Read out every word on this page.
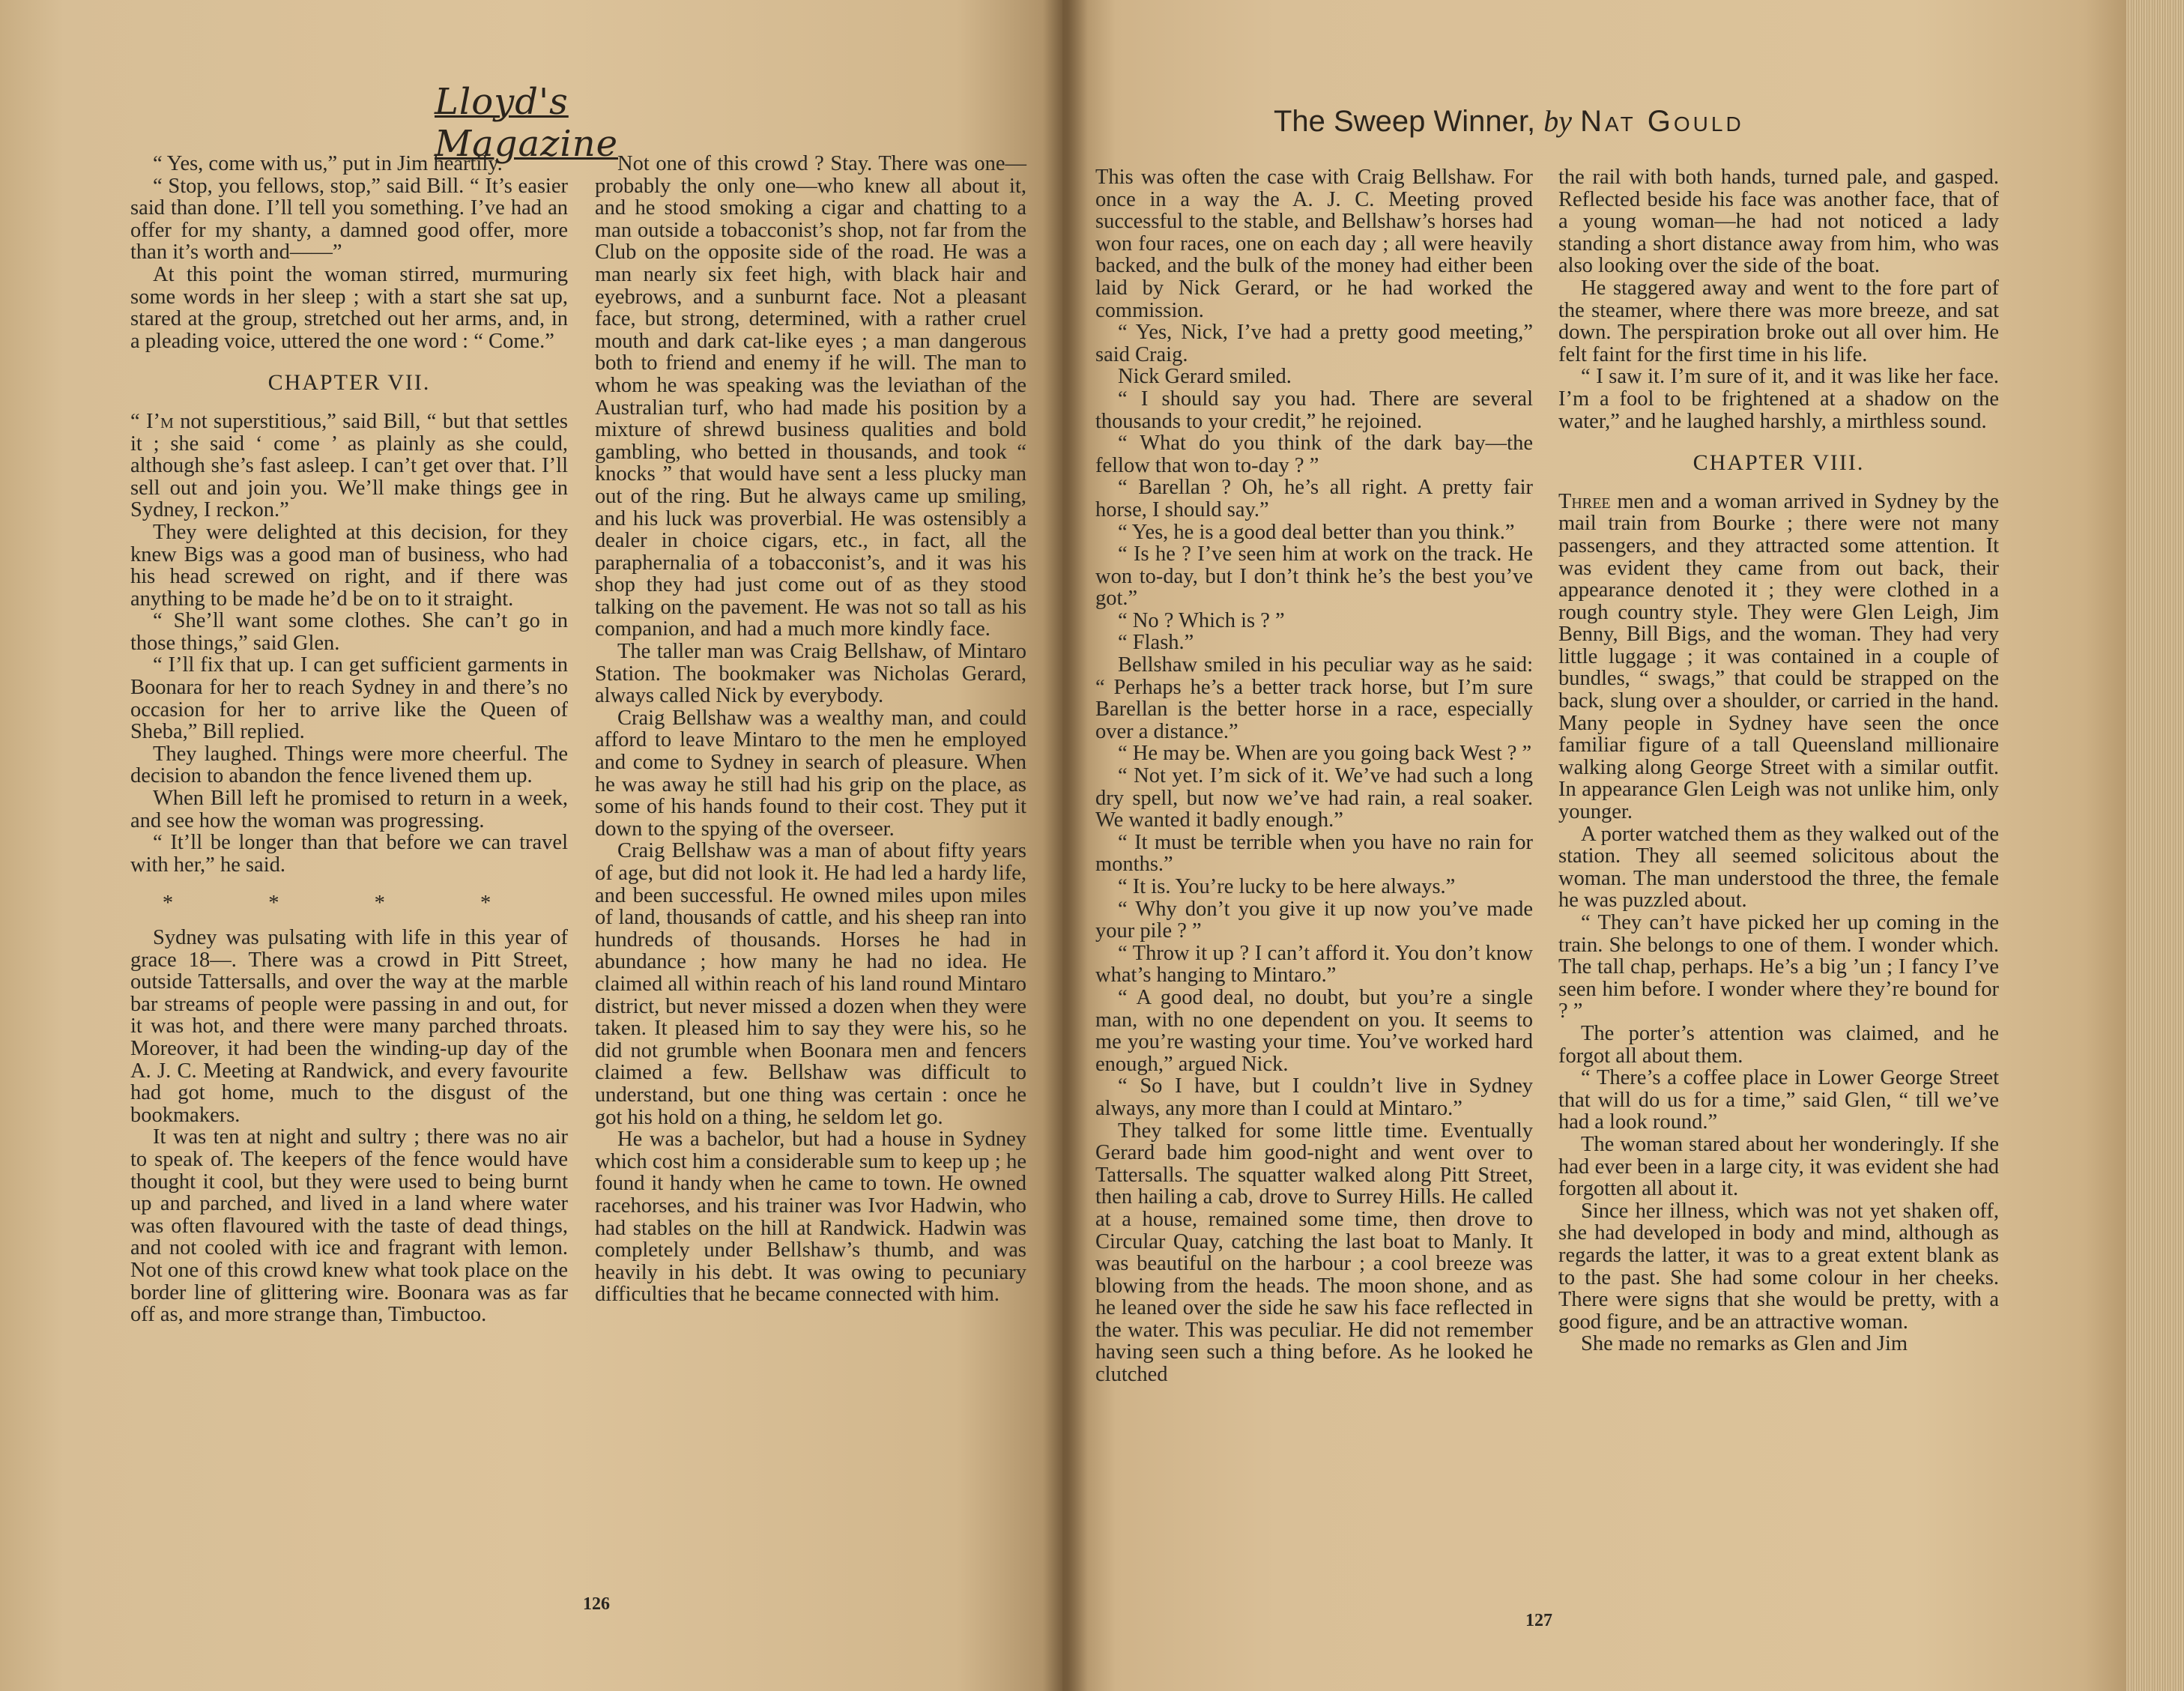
Lloyd's Magazine
The Sweep Winner, by Nat Gould

“ Yes, come with us,” put in Jim heartily.

“ Stop, you fellows, stop,” said Bill. “ It’s easier said than done. I’ll tell you something. I’ve had an offer for my shanty, a damned good offer, more than it’s worth and——”

At this point the woman stirred, murmuring some words in her sleep ; with a start she sat up, stared at the group, stretched out her arms, and, in a pleading voice, uttered the one word : “ Come.”

CHAPTER VII.

“ I’m not superstitious,” said Bill, “ but that settles it ; she said ‘ come ’ as plainly as she could, although she’s fast asleep. I can’t get over that. I’ll sell out and join you. We’ll make things gee in Sydney, I reckon.”

They were delighted at this decision, for they knew Bigs was a good man of business, who had his head screwed on right, and if there was anything to be made he’d be on to it straight.

“ She’ll want some clothes. She can’t go in those things,” said Glen.

“ I’ll fix that up. I can get sufficient garments in Boonara for her to reach Sydney in and there’s no occasion for her to arrive like the Queen of Sheba,” Bill replied.

They laughed. Things were more cheerful. The decision to abandon the fence livened them up.

When Bill left he promised to return in a week, and see how the woman was progressing.

“ It’ll be longer than that before we can travel with her,” he said.

* * * *

Sydney was pulsating with life in this year of grace 18—. There was a crowd in Pitt Street, outside Tattersalls, and over the way at the marble bar streams of people were passing in and out, for it was hot, and there were many parched throats. Moreover, it had been the winding-up day of the A. J. C. Meeting at Randwick, and every favourite had got home, much to the disgust of the bookmakers.

It was ten at night and sultry ; there was no air to speak of. The keepers of the fence would have thought it cool, but they were used to being burnt up and parched, and lived in a land where water was often flavoured with the taste of dead things, and not cooled with ice and fragrant with lemon. Not one of this crowd knew what took place on the border line of glittering wire. Boonara was as far off as, and more strange than, Timbuctoo.

Not one of this crowd ? Stay. There was one—probably the only one—who knew all about it, and he stood smoking a cigar and chatting to a man outside a tobacconist’s shop, not far from the Club on the opposite side of the road. He was a man nearly six feet high, with black hair and eyebrows, and a sunburnt face. Not a pleasant face, but strong, determined, with a rather cruel mouth and dark cat-like eyes ; a man dangerous both to friend and enemy if he will. The man to whom he was speaking was the leviathan of the Australian turf, who had made his position by a mixture of shrewd business qualities and bold gambling, who betted in thousands, and took “ knocks ” that would have sent a less plucky man out of the ring. But he always came up smiling, and his luck was proverbial. He was ostensibly a dealer in choice cigars, etc., in fact, all the paraphernalia of a tobacconist’s, and it was his shop they had just come out of as they stood talking on the pavement. He was not so tall as his companion, and had a much more kindly face.

The taller man was Craig Bellshaw, of Mintaro Station. The bookmaker was Nicholas Gerard, always called Nick by everybody.

Craig Bellshaw was a wealthy man, and could afford to leave Mintaro to the men he employed and come to Sydney in search of pleasure. When he was away he still had his grip on the place, as some of his hands found to their cost. They put it down to the spying of the overseer.

Craig Bellshaw was a man of about fifty years of age, but did not look it. He had led a hardy life, and been successful. He owned miles upon miles of land, thousands of cattle, and his sheep ran into hundreds of thousands. Horses he had in abundance ; how many he had no idea. He claimed all within reach of his land round Mintaro district, but never missed a dozen when they were taken. It pleased him to say they were his, so he did not grumble when Boonara men and fencers claimed a few. Bellshaw was difficult to understand, but one thing was certain : once he got his hold on a thing, he seldom let go.

He was a bachelor, but had a house in Sydney which cost him a considerable sum to keep up ; he found it handy when he came to town. He owned racehorses, and his trainer was Ivor Hadwin, who had stables on the hill at Randwick. Hadwin was completely under Bellshaw’s thumb, and was heavily in his debt. It was owing to pecuniary difficulties that he became connected with him.

126

This was often the case with Craig Bellshaw. For once in a way the A. J. C. Meeting proved successful to the stable, and Bellshaw’s horses had won four races, one on each day ; all were heavily backed, and the bulk of the money had either been laid by Nick Gerard, or he had worked the commission.

“ Yes, Nick, I’ve had a pretty good meeting,” said Craig.

Nick Gerard smiled.

“ I should say you had. There are several thousands to your credit,” he rejoined.

“ What do you think of the dark bay—the fellow that won to-day ? ”

“ Barellan ? Oh, he’s all right. A pretty fair horse, I should say.”

“ Yes, he is a good deal better than you think.”

“ Is he ? I’ve seen him at work on the track. He won to-day, but I don’t think he’s the best you’ve got.”

“ No ? Which is ? ”

“ Flash.”

Bellshaw smiled in his peculiar way as he said: “ Perhaps he’s a better track horse, but I’m sure Barellan is the better horse in a race, especially over a distance.”

“ He may be. When are you going back West ? ”

“ Not yet. I’m sick of it. We’ve had such a long dry spell, but now we’ve had rain, a real soaker. We wanted it badly enough.”

“ It must be terrible when you have no rain for months.”

“ It is. You’re lucky to be here always.”

“ Why don’t you give it up now you’ve made your pile ? ”

“ Throw it up ? I can’t afford it. You don’t know what’s hanging to Mintaro.”

“ A good deal, no doubt, but you’re a single man, with no one dependent on you. It seems to me you’re wasting your time. You’ve worked hard enough,” argued Nick.

“ So I have, but I couldn’t live in Sydney always, any more than I could at Mintaro.”

They talked for some little time. Eventually Gerard bade him good-night and went over to Tattersalls. The squatter walked along Pitt Street, then hailing a cab, drove to Surrey Hills. He called at a house, remained some time, then drove to Circular Quay, catching the last boat to Manly. It was beautiful on the harbour ; a cool breeze was blowing from the heads. The moon shone, and as he leaned over the side he saw his face reflected in the water. This was peculiar. He did not remember having seen such a thing before. As he looked he clutched

the rail with both hands, turned pale, and gasped. Reflected beside his face was another face, that of a young woman—he had not noticed a lady standing a short distance away from him, who was also looking over the side of the boat.

He staggered away and went to the fore part of the steamer, where there was more breeze, and sat down. The perspiration broke out all over him. He felt faint for the first time in his life.

“ I saw it. I’m sure of it, and it was like her face. I’m a fool to be frightened at a shadow on the water,” and he laughed harshly, a mirthless sound.

CHAPTER VIII.

Three men and a woman arrived in Sydney by the mail train from Bourke ; there were not many passengers, and they attracted some attention. It was evident they came from out back, their appearance denoted it ; they were clothed in a rough country style. They were Glen Leigh, Jim Benny, Bill Bigs, and the woman. They had very little luggage ; it was contained in a couple of bundles, “ swags,” that could be strapped on the back, slung over a shoulder, or carried in the hand. Many people in Sydney have seen the once familiar figure of a tall Queensland millionaire walking along George Street with a similar outfit. In appearance Glen Leigh was not unlike him, only younger.

A porter watched them as they walked out of the station. They all seemed solicitous about the woman. The man understood the three, the female he was puzzled about.

“ They can’t have picked her up coming in the train. She belongs to one of them. I wonder which. The tall chap, perhaps. He’s a big ’un ; I fancy I’ve seen him before. I wonder where they’re bound for ? ”

The porter’s attention was claimed, and he forgot all about them.

“ There’s a coffee place in Lower George Street that will do us for a time,” said Glen, “ till we’ve had a look round.”

The woman stared about her wonderingly. If she had ever been in a large city, it was evident she had forgotten all about it.

Since her illness, which was not yet shaken off, she had developed in body and mind, although as regards the latter, it was to a great extent blank as to the past. She had some colour in her cheeks. There were signs that she would be pretty, with a good figure, and be an attractive woman.

She made no remarks as Glen and Jim

127
